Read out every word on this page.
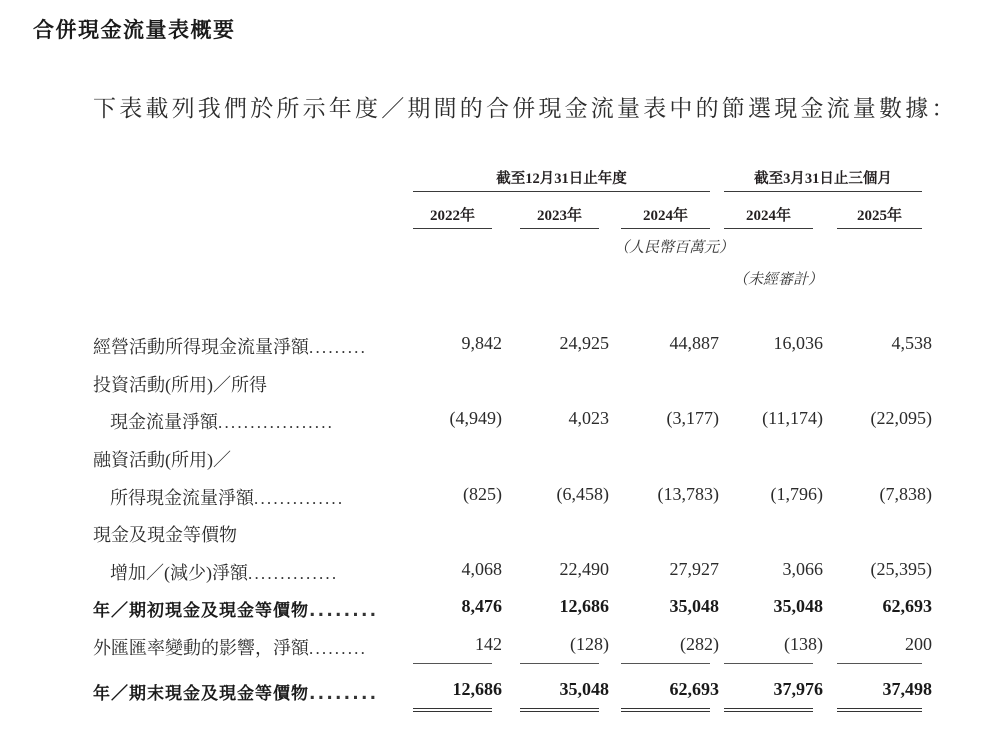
合併現金流量表概要
下表載列我們於所示年度／期間的合併現金流量表中的節選現金流量數據：
截至12月31日止年度	截至3月31日止三個月
2022年	2023年	2024年	2024年	2025年
（人民幣百萬元）
（未經審計）
經營活動所得現金流量淨額.........	9,842	24,925	44,887	16,036	4,538
投資活動(所用)／所得
現金流量淨額..................	(4,949)	4,023	(3,177)	(11,174)	(22,095)
融資活動(所用)／
所得現金流量淨額..............	(825)	(6,458)	(13,783)	(1,796)	(7,838)
現金及現金等價物
增加／(減少)淨額..............	4,068	22,490	27,927	3,066	(25,395)
年／期初現金及現金等價物........	8,476	12,686	35,048	35,048	62,693
外匯匯率變動的影響，淨額.........	142	(128)	(282)	(138)	200
年／期末現金及現金等價物........	12,686	35,048	62,693	37,976	37,498
